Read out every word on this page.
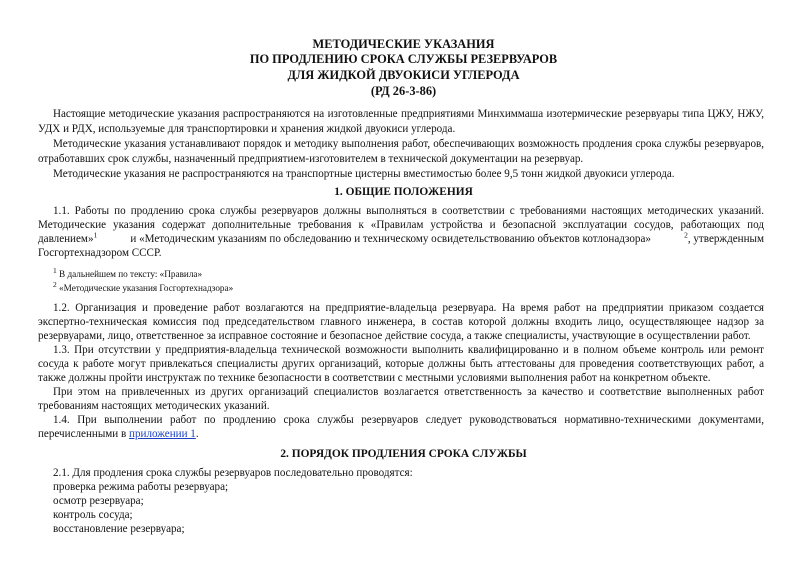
МЕТОДИЧЕСКИЕ УКАЗАНИЯ
ПО ПРОДЛЕНИЮ СРОКА СЛУЖБЫ РЕЗЕРВУАРОВ
ДЛЯ ЖИДКОЙ ДВУОКИСИ УГЛЕРОДА
(РД 26-3-86)
Настоящие методические указания распространяются на изготовленные предприятиями Минхиммаша изотермические резервуары типа ЦЖУ, НЖУ,
УДХ и РДХ, используемые для транспортировки и хранения жидкой двуокиси углерода.
Методические указания устанавливают порядок и методику выполнения работ, обеспечивающих возможность продления срока службы резервуаров,
отработавших срок службы, назначенный предприятием-изготовителем в технической документации на резервуар.
Методические указания не распространяются на транспортные цистерны вместимостью более 9,5 тонн жидкой двуокиси углерода.
1. ОБЩИЕ ПОЛОЖЕНИЯ
1.1. Работы по продлению срока службы резервуаров должны выполняться в соответствии с требованиями настоящих методических указаний.
Методические указания содержат дополнительные требования к «Правилам устройства и безопасной эксплуатации сосудов, работающих под
давлением»$^1$	и «Методическим указаниям по обследованию и техническому освидетельствованию объектов котлонадзора»	$^2$, утвержденным
Госгортехнадзором СССР.
$^1$ В дальнейшем по тексту: «Правила»
$^2$ «Методические указания Госгортехнадзора»
1.2. Организация и проведение работ возлагаются на предприятие-владельца резервуара. На время работ на предприятии приказом создается
экспертно-техническая комиссия под председательством главного инженера, в состав которой должны входить лицо, осуществляющее надзор за
резервуарами, лицо, ответственное за исправное состояние и безопасное действие сосуда, а также специалисты, участвующие в осуществлении работ.
1.3. При отсутствии у предприятия-владельца технической возможности выполнить квалифицированно и в полном объеме контроль или ремонт
сосуда к работе могут привлекаться специалисты других организаций, которые должны быть аттестованы для проведения соответствующих работ, а
также должны пройти инструктаж по технике безопасности в соответствии с местными условиями выполнения работ на конкретном объекте.
При этом на привлеченных из других организаций специалистов возлагается ответственность за качество и соответствие выполненных работ
требованиям настоящих методических указаний.
1.4. При выполнении работ по продлению срока службы резервуаров следует руководствоваться нормативно-техническими документами,
перечисленными в приложении 1.
2. ПОРЯДОК ПРОДЛЕНИЯ СРОКА СЛУЖБЫ
2.1. Для продления срока службы резервуаров последовательно проводятся:
проверка режима работы резервуара;
осмотр резервуара;
контроль сосуда;
восстановление резервуара;
